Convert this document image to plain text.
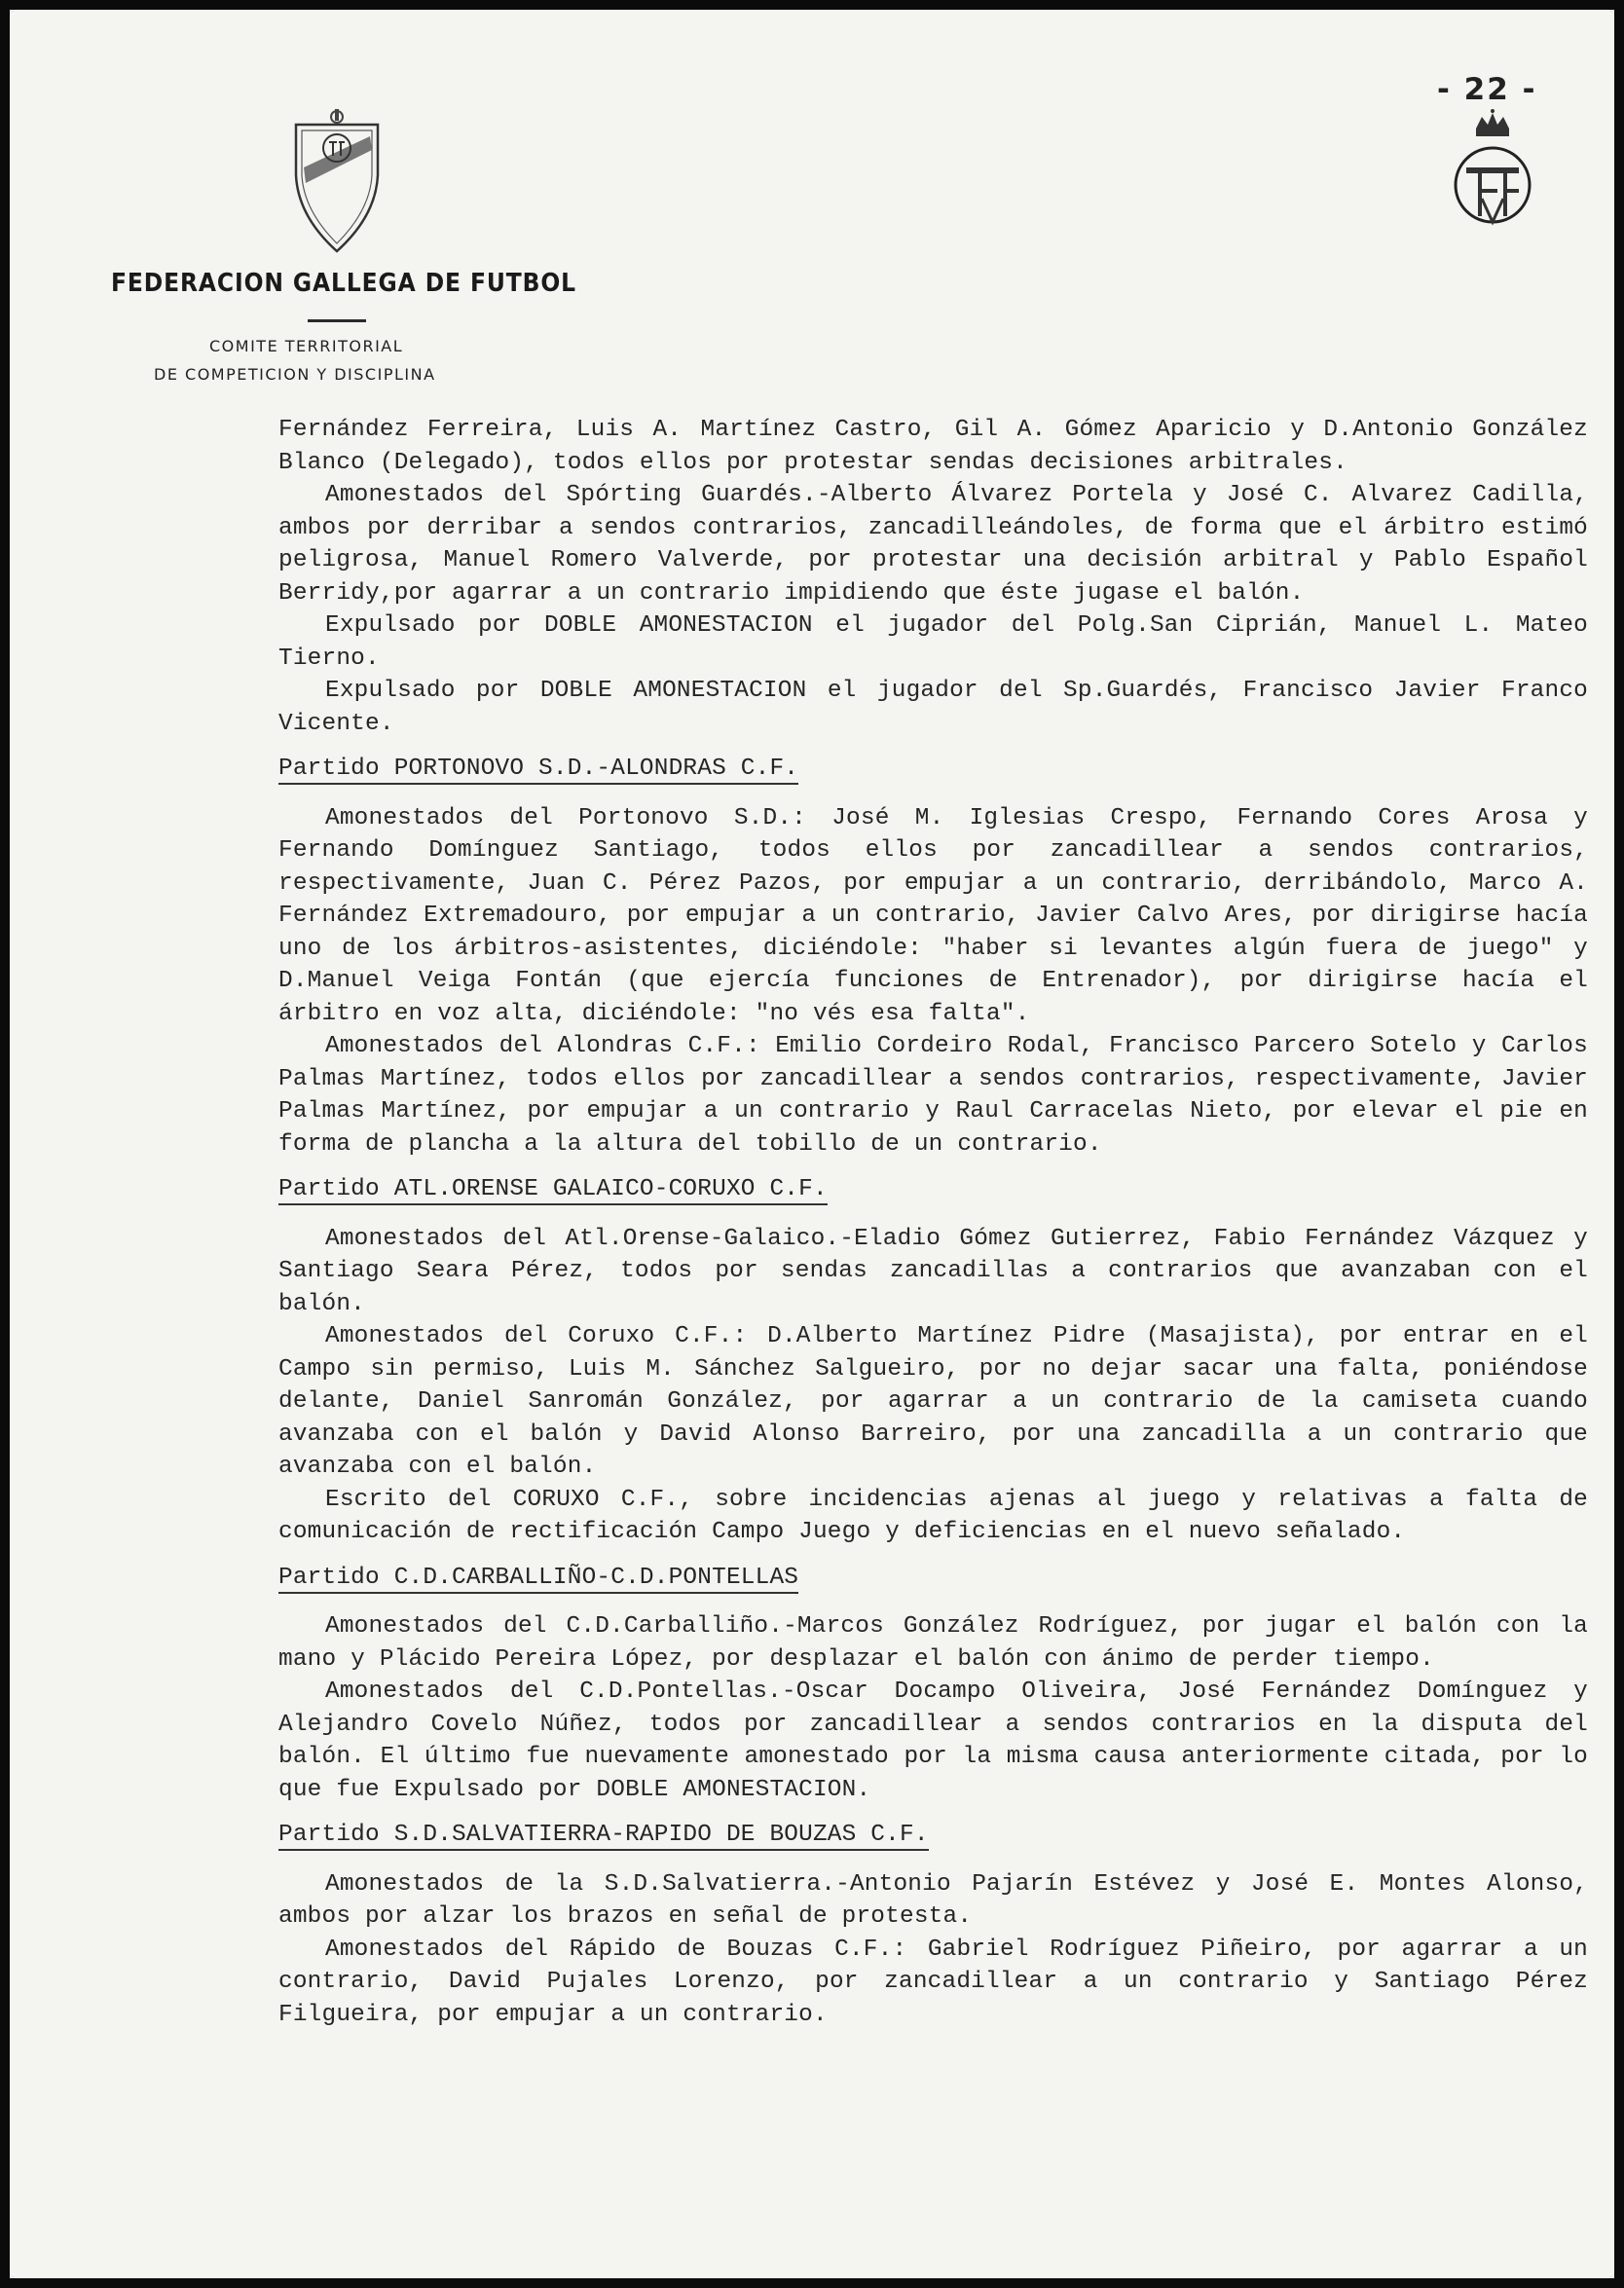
- 22 -
FEDERACION GALLEGA DE FUTBOL
COMITE TERRITORIAL
DE COMPETICION Y DISCIPLINA

Fernández Ferreira, Luis A. Martínez Castro, Gil A. Gómez Aparicio y D.Antonio González Blanco (Delegado), todos ellos por protestar sendas decisiones arbitrales.

Amonestados del Spórting Guardés.-Alberto Álvarez Portela y José C. Alvarez Cadilla, ambos por derribar a sendos contrarios, zancadilleándoles, de forma que el árbitro estimó peligrosa, Manuel Romero Valverde, por protestar una decisión arbitral y Pablo Español Berridy,por agarrar a un contrario impidiendo que éste jugase el balón.

Expulsado por DOBLE AMONESTACION el jugador del Polg.San Ciprián, Manuel L. Mateo Tierno.

Expulsado por DOBLE AMONESTACION el jugador del Sp.Guardés, Francisco Javier Franco Vicente.

Partido PORTONOVO S.D.-ALONDRAS C.F.

Amonestados del Portonovo S.D.: José M. Iglesias Crespo, Fernando Cores Arosa y Fernando Domínguez Santiago, todos ellos por zancadillear a sendos contrarios, respectivamente, Juan C. Pérez Pazos, por empujar a un contrario, derribándolo, Marco A. Fernández Extremadouro, por empujar a un contrario, Javier Calvo Ares, por dirigirse hacía uno de los árbitros-asistentes, diciéndole: "haber si levantes algún fuera de juego" y D.Manuel Veiga Fontán (que ejercía funciones de Entrenador), por dirigirse hacía el árbitro en voz alta, diciéndole: "no vés esa falta".

Amonestados del Alondras C.F.: Emilio Cordeiro Rodal, Francisco Parcero Sotelo y Carlos Palmas Martínez, todos ellos por zancadillear a sendos contrarios, respectivamente, Javier Palmas Martínez, por empujar a un contrario y Raul Carracelas Nieto, por elevar el pie en forma de plancha a la altura del tobillo de un contrario.

Partido ATL.ORENSE GALAICO-CORUXO C.F.

Amonestados del Atl.Orense-Galaico.-Eladio Gómez Gutierrez, Fabio Fernández Vázquez y Santiago Seara Pérez, todos por sendas zancadillas a contrarios que avanzaban con el balón.

Amonestados del Coruxo C.F.: D.Alberto Martínez Pidre (Masajista), por entrar en el Campo sin permiso, Luis M. Sánchez Salgueiro, por no dejar sacar una falta, poniéndose delante, Daniel Sanromán González, por agarrar a un contrario de la camiseta cuando avanzaba con el balón y David Alonso Barreiro, por una zancadilla a un contrario que avanzaba con el balón.

Escrito del CORUXO C.F., sobre incidencias ajenas al juego y relativas a falta de comunicación de rectificación Campo Juego y deficiencias en el nuevo señalado.

Partido C.D.CARBALLIÑO-C.D.PONTELLAS

Amonestados del C.D.Carballiño.-Marcos González Rodríguez, por jugar el balón con la mano y Plácido Pereira López, por desplazar el balón con ánimo de perder tiempo.

Amonestados del C.D.Pontellas.-Oscar Docampo Oliveira, José Fernández Domínguez y Alejandro Covelo Núñez, todos por zancadillear a sendos contrarios en la disputa del balón. El último fue nuevamente amonestado por la misma causa anteriormente citada, por lo que fue Expulsado por DOBLE AMONESTACION.

Partido S.D.SALVATIERRA-RAPIDO DE BOUZAS C.F.

Amonestados de la S.D.Salvatierra.-Antonio Pajarín Estévez y José E. Montes Alonso, ambos por alzar los brazos en señal de protesta.

Amonestados del Rápido de Bouzas C.F.: Gabriel Rodríguez Piñeiro, por agarrar a un contrario, David Pujales Lorenzo, por zancadillear a un contrario y Santiago Pérez Filgueira, por empujar a un contrario.
